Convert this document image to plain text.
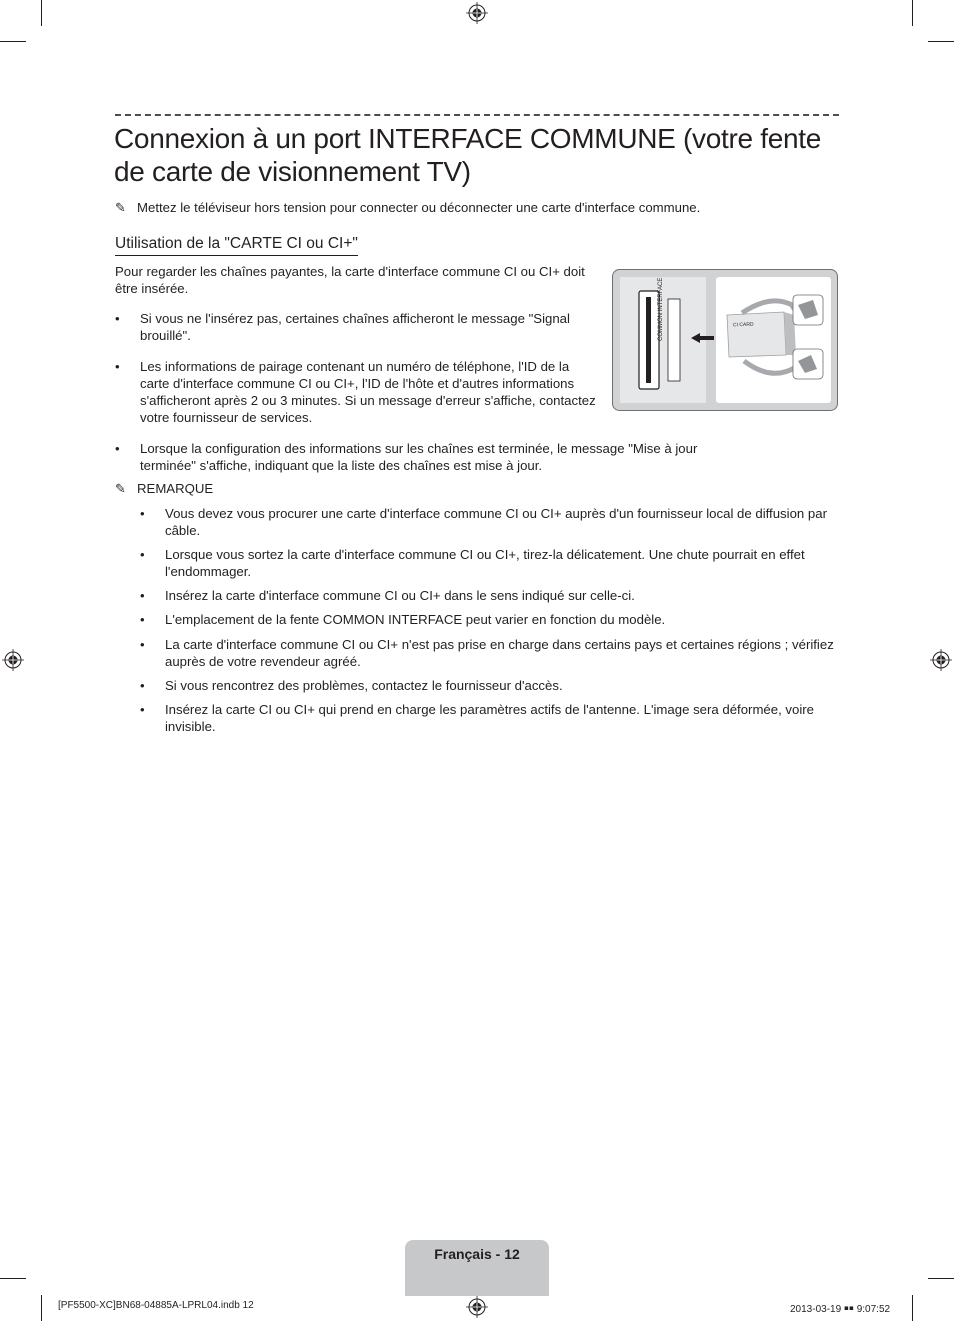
Connexion à un port INTERFACE COMMUNE (votre fente de carte de visionnement TV)
✎ Mettez le téléviseur hors tension pour connecter ou déconnecter une carte d'interface commune.
Utilisation de la "CARTE CI ou CI+"
Pour regarder les chaînes payantes, la carte d'interface commune CI ou CI+ doit être insérée.
•	Si vous ne l'insérez pas, certaines chaînes afficheront le message "Signal brouillé".
•	Les informations de pairage contenant un numéro de téléphone, l'ID de la carte d'interface commune CI ou CI+, l'ID de l'hôte et d'autres informations s'afficheront après 2 ou 3 minutes. Si un message d'erreur s'affiche, contactez votre fournisseur de services.
•	Lorsque la configuration des informations sur les chaînes est terminée, le message "Mise à jour terminée" s'affiche, indiquant que la liste des chaînes est mise à jour.
COMMON INTERFACE	CI CARD
✎ REMARQUE
•	Vous devez vous procurer une carte d'interface commune CI ou CI+ auprès d'un fournisseur local de diffusion par câble.
•	Lorsque vous sortez la carte d'interface commune CI ou CI+, tirez-la délicatement. Une chute pourrait en effet l'endommager.
•	Insérez la carte d'interface commune CI ou CI+ dans le sens indiqué sur celle-ci.
•	L'emplacement de la fente COMMON INTERFACE peut varier en fonction du modèle.
•	La carte d'interface commune CI ou CI+ n'est pas prise en charge dans certains pays et certaines régions ; vérifiez auprès de votre revendeur agréé.
•	Si vous rencontrez des problèmes, contactez le fournisseur d'accès.
•	Insérez la carte CI ou CI+ qui prend en charge les paramètres actifs de l'antenne. L'image sera déformée, voire invisible.
Français - 12
[PF5500-XC]BN68-04885A-LPRL04.indb 12	2013-03-19 ￭￭ 9:07:52
